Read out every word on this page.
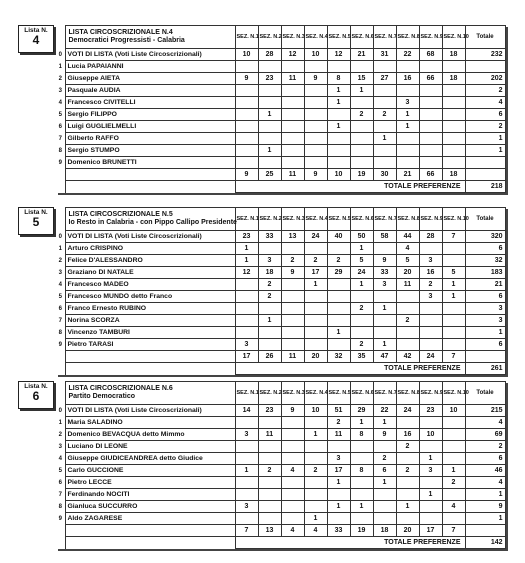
Lista N.
4

	LISTA CIRCOSCRIZIONALE N.4
Democratici Progressisti - Calabria	SEZ. N.1	SEZ. N.2	SEZ. N.3	SEZ. N.4	SEZ. N.5	SEZ. N.6	SEZ. N.7	SEZ. N.8	SEZ. N.9	SEZ. N.10	Totale
0	VOTI DI LISTA (Voti Liste Circoscrizionali)	10	28	12	10	12	21	31	22	68	18	232
1	Lucia PAPAIANNI											
2	Giuseppe AIETA	9	23	11	9	8	15	27	16	66	18	202
3	Pasquale AUDIA					1	1					2
4	Francesco CIVITELLI					1			3			4
5	Sergio FILIPPO		1				2	2	1			6
6	Luigi GUGLIELMELLI					1			1			2
7	Gilberto RAFFO							1				1
8	Sergio STUMPO		1									1
9	Domenico BRUNETTI											
		9	25	11	9	10	19	30	21	66	18	
		TOTALE PREFERENZE										218
Lista N.
5

	LISTA CIRCOSCRIZIONALE N.5
Io Resto in Calabria - con Pippo Callipo Presidente	SEZ. N.1	SEZ. N.2	SEZ. N.3	SEZ. N.4	SEZ. N.5	SEZ. N.6	SEZ. N.7	SEZ. N.8	SEZ. N.9	SEZ. N.10	Totale
0	VOTI DI LISTA (Voti Liste Circoscrizionali)	23	33	13	24	40	50	58	44	28	7	320
1	Arturo CRISPINO	1					1		4			6
2	Felice D'ALESSANDRO	1	3	2	2	2	5	9	5	3		32
3	Graziano DI NATALE	12	18	9	17	29	24	33	20	16	5	183
4	Francesco MADEO		2		1		1	3	11	2	1	21
5	Francesco MUNDO detto Franco		2							3	1	6
6	Franco Ernesto RUBINO						2	1				3
7	Norina SCORZA		1						2			3
8	Vincenzo TAMBURI					1						1
9	Pietro TARASI	3					2	1				6
		17	26	11	20	32	35	47	42	24	7	
		TOTALE PREFERENZE										261
Lista N.
6

	LISTA CIRCOSCRIZIONALE N.6
Partito Democratico	SEZ. N.1	SEZ. N.2	SEZ. N.3	SEZ. N.4	SEZ. N.5	SEZ. N.6	SEZ. N.7	SEZ. N.8	SEZ. N.9	SEZ. N.10	Totale
0	VOTI DI LISTA (Voti Liste Circoscrizionali)	14	23	9	10	51	29	22	24	23	10	215
1	Maria SALADINO					2	1	1				4
2	Domenico BEVACQUA detto Mimmo	3	11		1	11	8	9	16	10		69
3	Luciano DI LEONE								2			2
4	Giuseppe GIUDICEANDREA detto Giudice					3		2		1		6
5	Carlo GUCCIONE	1	2	4	2	17	8	6	2	3	1	46
6	Pietro LECCE					1		1			2	4
7	Ferdinando NOCITI									1		1
8	Gianluca SUCCURRO	3				1	1		1		4	9
9	Aldo ZAGARESE				1							1
		7	13	4	4	33	19	18	20	17	7	
		TOTALE PREFERENZE										142
